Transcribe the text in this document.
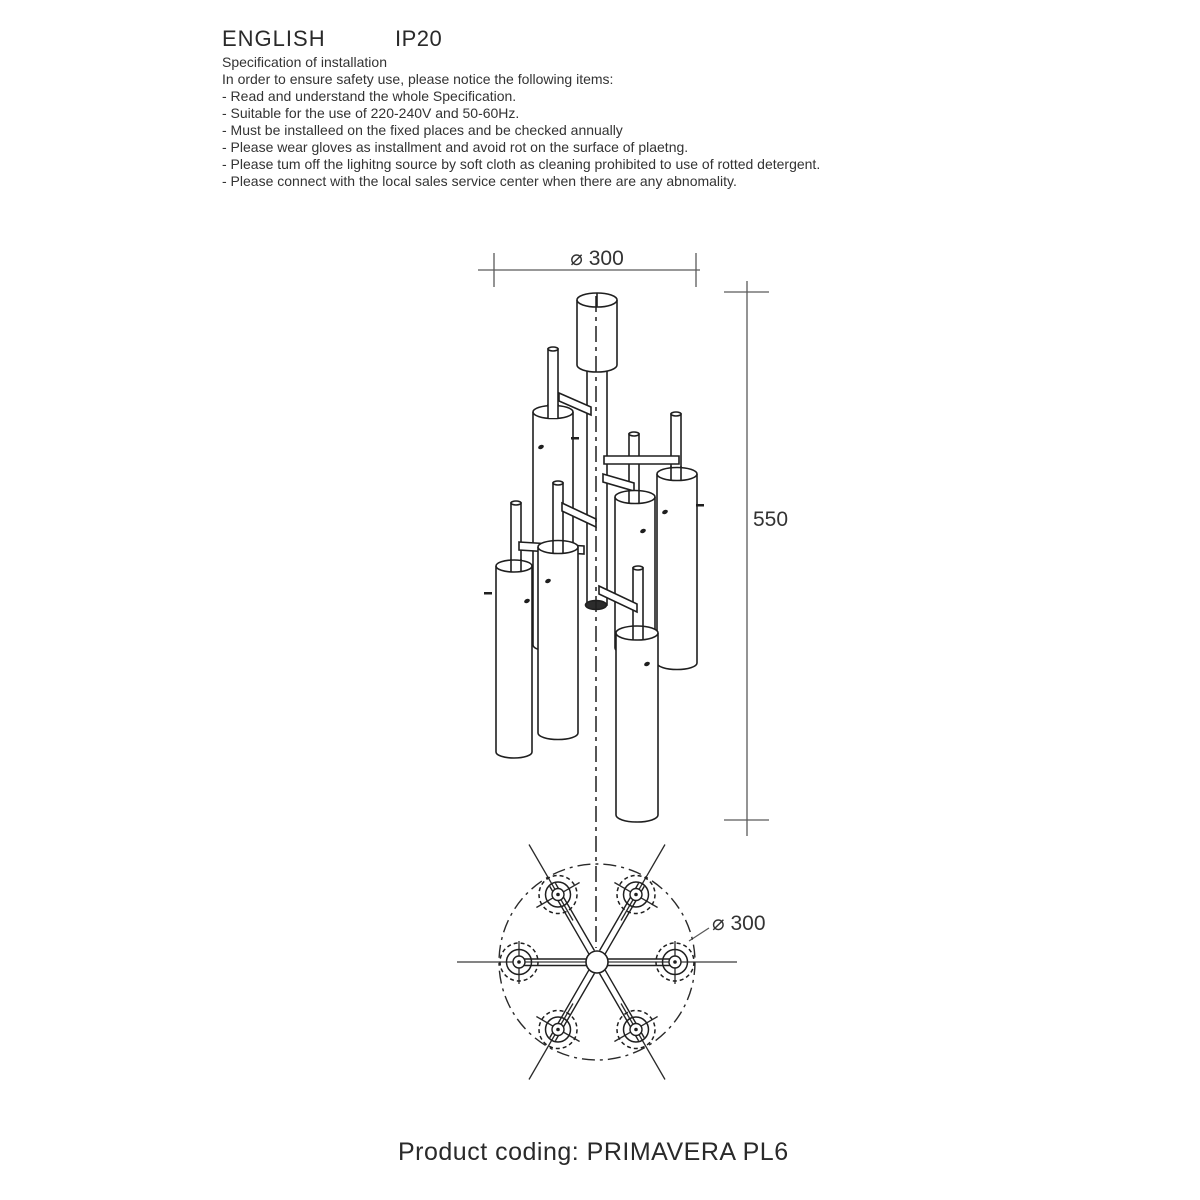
ENGLISH	IP20
Specification of installation
In order to ensure safety use, please notice the following items:
- Read and understand the whole Specification.
- Suitable for the use of 220-240V and 50-60Hz.
- Must be installeed on the fixed places and be checked annually
- Please wear gloves as installment and avoid rot on the surface of plaetng.
- Please tum off the lighitng source by soft cloth as cleaning prohibited to use of rotted detergent.
- Please connect with the local sales service center when there are any abnomality.
⌀ 300
550
⌀ 300
Product coding: PRIMAVERA PL6
